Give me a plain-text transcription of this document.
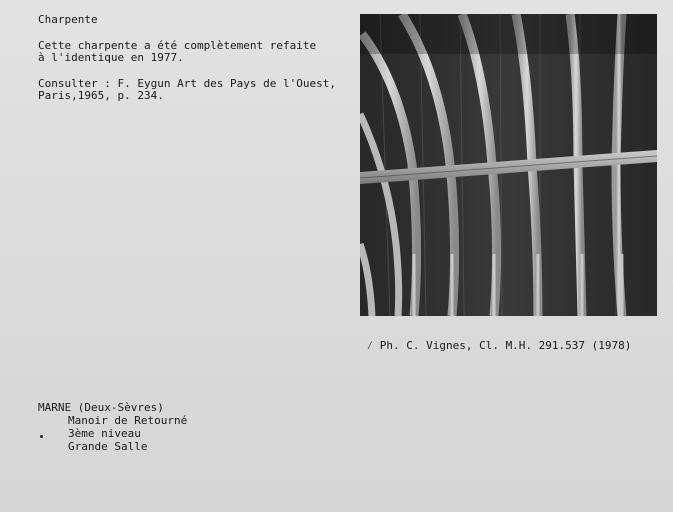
Charpente
Cette charpente a été complètement refaite
à l'identique en 1977.
Consulter : F. Eygun Art des Pays de l'Ouest,
Paris,1965, p. 234.

⁄ Ph. C. Vignes, Cl. M.H. 291.537 (1978)

MARNE (Deux-Sèvres)
Manoir de Retourné
3ème niveau
Grande Salle
